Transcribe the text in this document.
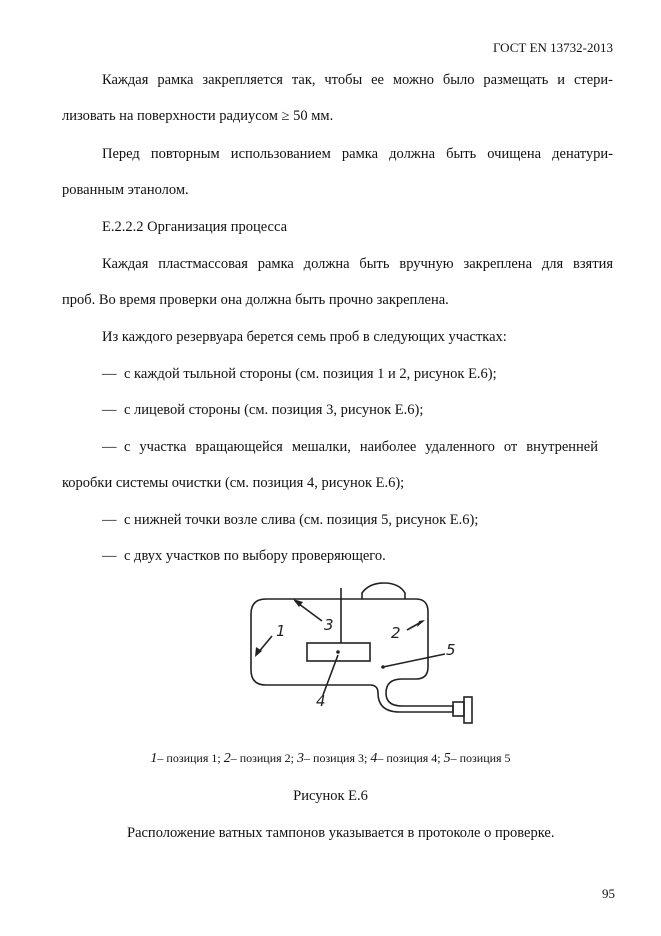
ГОСТ EN 13732-2013
Каждая рамка закрепляется так, чтобы ее можно было размещать и стери-
лизовать на поверхности радиусом ≥ 50 мм.
Перед повторным использованием рамка должна быть очищена денатури-
рованным этанолом.
Е.2.2.2 Организация процесса
Каждая пластмассовая рамка должна быть вручную закреплена для взятия
проб. Во время проверки она должна быть прочно закреплена.
Из каждого резервуара берется семь проб в следующих участках:
— с каждой тыльной стороны (см. позиция 1 и 2, рисунок Е.6);
— с лицевой стороны (см. позиция 3, рисунок Е.6);
— с участка вращающейся мешалки, наиболее удаленного от внутренней
коробки системы очистки (см. позиция 4, рисунок Е.6);
— с нижней точки возле слива (см. позиция 5, рисунок Е.6);
— с двух участков по выбору проверяющего.
1	2
3
4
5
1– позиция 1; 2– позиция 2; 3– позиция 3; 4– позиция 4; 5– позиция 5
Рисунок Е.6
Расположение ватных тампонов указывается в протоколе о проверке.
95
